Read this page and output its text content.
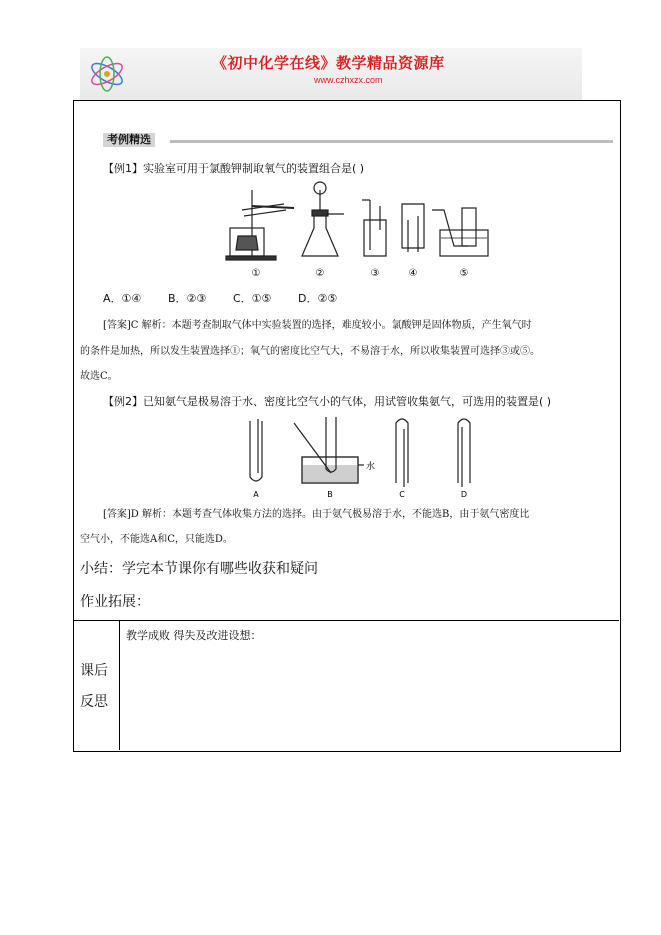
《初中化学在线》教学精品资源库
www.czhxzx.com
考例精选
【例1】实验室可用于氯酸钾制取氧气的装置组合是( )
①	②	③	④	⑤
A．①④ B．②③ C．①⑤ D．②⑤
[答案]C 解析：本题考查制取气体中实验装置的选择，难度较小。氯酸钾是固体物质，产生氧气时
的条件是加热，所以发生装置选择①；氧气的密度比空气大，不易溶于水，所以收集装置可选择③或⑤。
故选C。
【例2】已知氨气是极易溶于水、密度比空气小的气体，用试管收集氨气，可选用的装置是( )
水
A	B	C	D
[答案]D 解析：本题考查气体收集方法的选择。由于氨气极易溶于水，不能选B，由于氨气密度比
空气小，不能选A和C，只能选D。
小结：学完本节课你有哪些收获和疑问
作业拓展：
课后
反思
教学成败 得失及改进设想：
